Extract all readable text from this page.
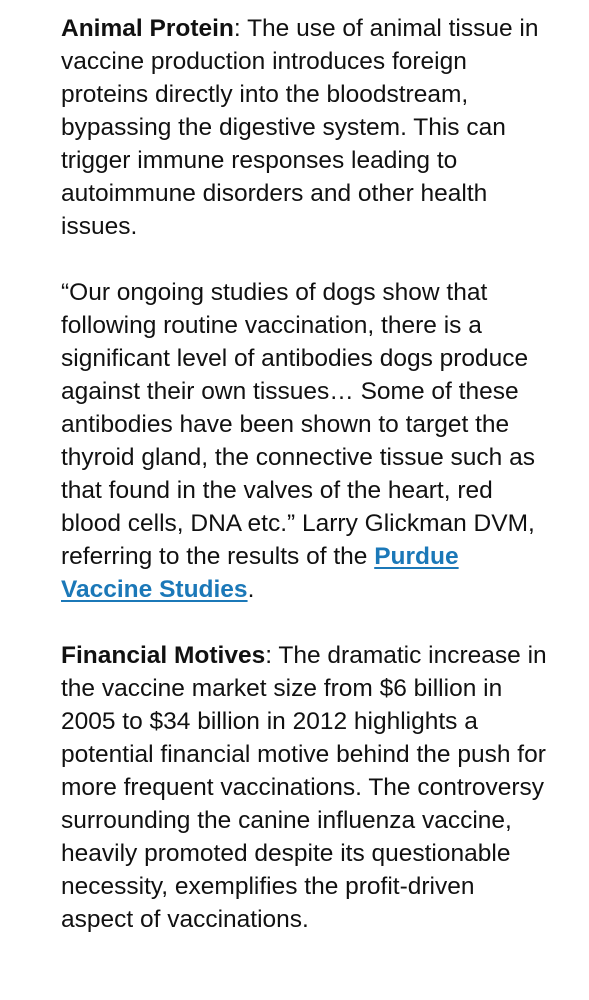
Animal Protein: The use of animal tissue in vaccine production introduces foreign proteins directly into the bloodstream, bypassing the digestive system. This can trigger immune responses leading to autoimmune disorders and other health issues.

“Our ongoing studies of dogs show that following routine vaccination, there is a significant level of antibodies dogs produce against their own tissues… Some of these antibodies have been shown to target the thyroid gland, the connective tissue such as that found in the valves of the heart, red blood cells, DNA etc.” Larry Glickman DVM, referring to the results of the Purdue Vaccine Studies.

Financial Motives: The dramatic increase in the vaccine market size from $6 billion in 2005 to $34 billion in 2012 highlights a potential financial motive behind the push for more frequent vaccinations. The controversy surrounding the canine influenza vaccine, heavily promoted despite its questionable necessity, exemplifies the profit-driven aspect of vaccinations.
